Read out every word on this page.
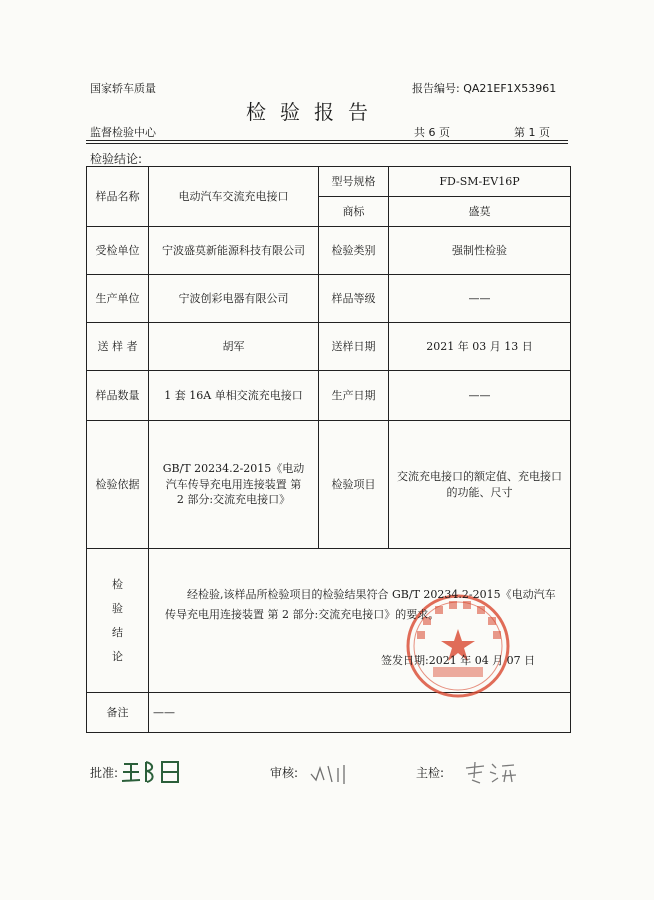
国家轿车质量	报告编号: QA21EF1X53961
检验报告
监督检验中心	共 6 页	第 1 页
检验结论:
样品名称	电动汽车交流充电接口	型号规格	FD-SM-EV16P
		商标	盛莫
受检单位	宁波盛莫新能源科技有限公司	检验类别	强制性检验
生产单位	宁波创彩电器有限公司	样品等级	——
送 样 者	胡军	送样日期	2021 年 03 月 13 日
样品数量	1 套 16A 单相交流充电接口	生产日期	——
检验依据	GB/T 20234.2-2015《电动汽车传导充电用连接装置 第 2 部分:交流充电接口》	检验项目	交流充电接口的额定值、充电接口的功能、尺寸
检验结论	经检验,该样品所检验项目的检验结果符合 GB/T 20234.2-2015《电动汽车传导充电用连接装置 第 2 部分:交流充电接口》的要求。
签发日期:2021 年 04 月 07 日		

备注	——		
批准:	审核:	主检:
